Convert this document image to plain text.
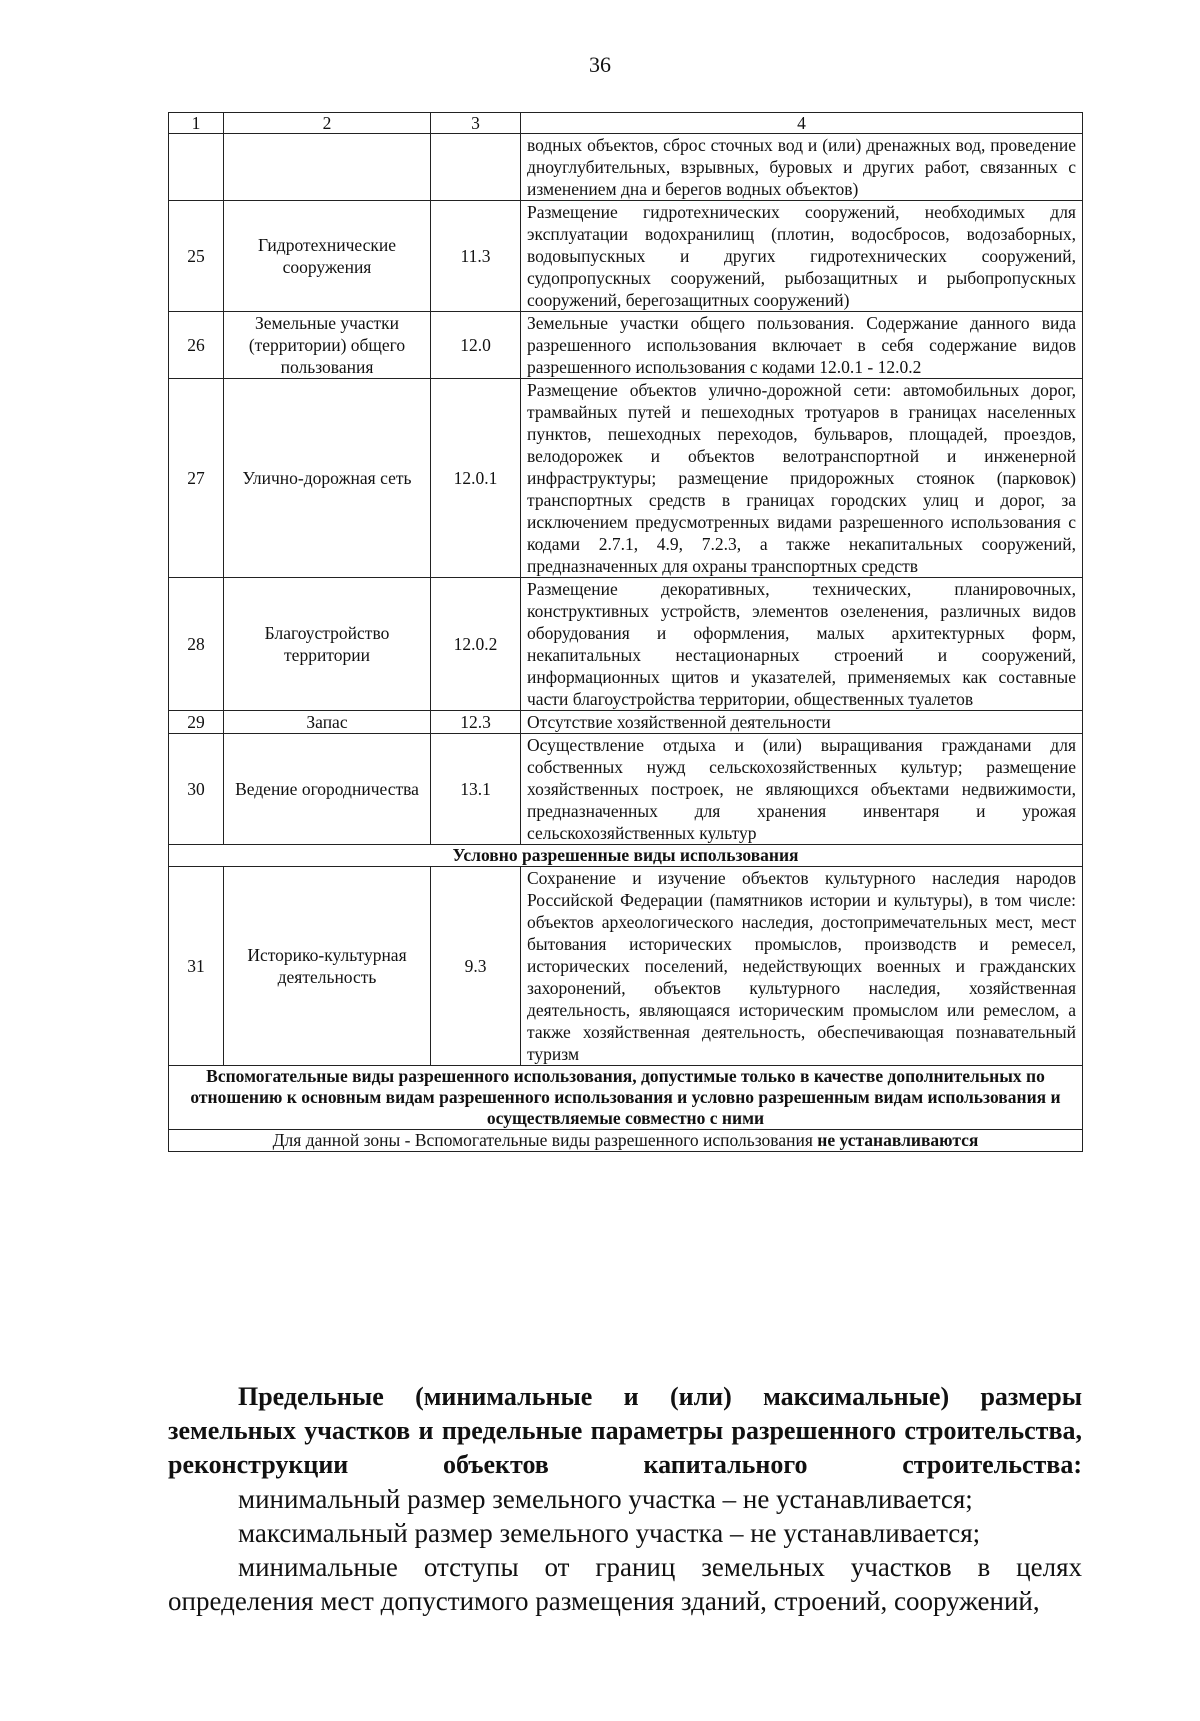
36
1	2	3	4
			водных объектов, сброс сточных вод и (или) дренажных вод, проведение дноуглубительных, взрывных, буровых и других работ, связанных с изменением дна и берегов водных объектов)
25	Гидротехнические сооружения	11.3	Размещение гидротехнических сооружений, необходимых для эксплуатации водохранилищ (плотин, водосбросов, водозаборных, водовыпускных и других гидротехнических сооружений, судопропускных сооружений, рыбозащитных и рыбопропускных сооружений, берегозащитных сооружений)
26	Земельные участки (территории) общего пользования	12.0	Земельные участки общего пользования. Содержание данного вида разрешенного использования включает в себя содержание видов разрешенного использования с кодами 12.0.1 - 12.0.2
27	Улично-дорожная сеть	12.0.1	Размещение объектов улично-дорожной сети: автомобильных дорог, трамвайных путей и пешеходных тротуаров в границах населенных пунктов, пешеходных переходов, бульваров, площадей, проездов, велодорожек и объектов велотранспортной и инженерной инфраструктуры; размещение придорожных стоянок (парковок) транспортных средств в границах городских улиц и дорог, за исключением предусмотренных видами разрешенного использования с кодами 2.7.1, 4.9, 7.2.3, а также некапитальных сооружений, предназначенных для охраны транспортных средств
28	Благоустройство территории	12.0.2	Размещение декоративных, технических, планировочных, конструктивных устройств, элементов озеленения, различных видов оборудования и оформления, малых архитектурных форм, некапитальных нестационарных строений и сооружений, информационных щитов и указателей, применяемых как составные части благоустройства территории, общественных туалетов
29	Запас	12.3	Отсутствие хозяйственной деятельности
30	Ведение огородничества	13.1	Осуществление отдыха и (или) выращивания гражданами для собственных нужд сельскохозяйственных культур; размещение хозяйственных построек, не являющихся объектами недвижимости, предназначенных для хранения инвентаря и урожая сельскохозяйственных культур
Условно разрешенные виды использования			
31	Историко-культурная деятельность	9.3	Сохранение и изучение объектов культурного наследия народов Российской Федерации (памятников истории и культуры), в том числе: объектов археологического наследия, достопримечательных мест, мест бытования исторических промыслов, производств и ремесел, исторических поселений, недействующих военных и гражданских захоронений, объектов культурного наследия, хозяйственная деятельность, являющаяся историческим промыслом или ремеслом, а также хозяйственная деятельность, обеспечивающая познавательный туризм
Вспомогательные виды разрешенного использования, допустимые только в качестве дополнительных по отношению к основным видам разрешенного использования и условно разрешенным видам использования и осуществляемые совместно с ними			
Для данной зоны - Вспомогательные виды разрешенного использования не устанавливаются			
Предельные (минимальные и (или) максимальные) размеры земельных участков и предельные параметры разрешенного строительства, реконструкции объектов капитального строительства:

минимальный размер земельного участка – не устанавливается;

максимальный размер земельного участка – не устанавливается;

минимальные отступы от границ земельных участков в целях определения мест допустимого размещения зданий, строений, сооружений,
